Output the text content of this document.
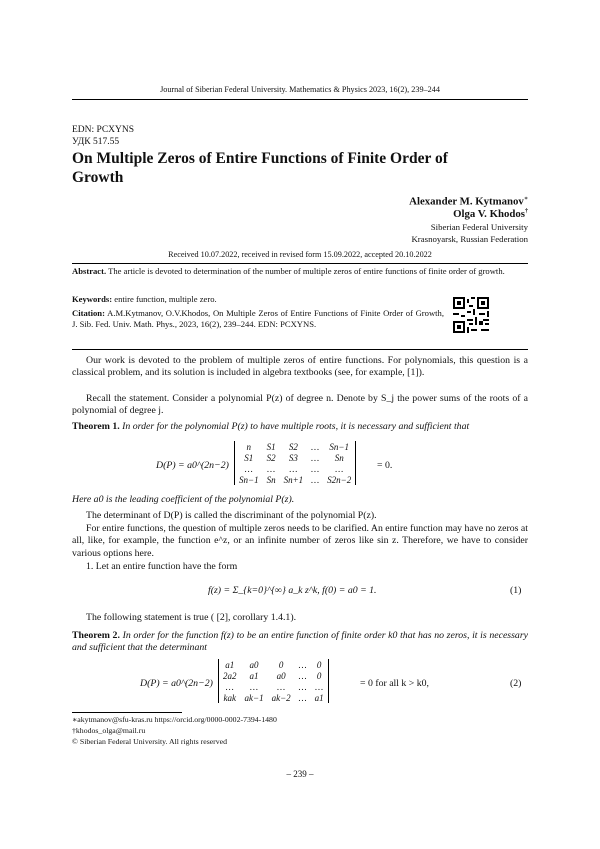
Journal of Siberian Federal University. Mathematics & Physics 2023, 16(2), 239–244
EDN: PCXYNS
УДК 517.55
On Multiple Zeros of Entire Functions of Finite Order of Growth
Alexander M. Kytmanov∗
Olga V. Khodos†
Siberian Federal University
Krasnoyarsk, Russian Federation
Received 10.07.2022, received in revised form 15.09.2022, accepted 20.10.2022
Abstract. The article is devoted to determination of the number of multiple zeros of entire functions of finite order of growth.
Keywords: entire function, multiple zero.
Citation: A.M.Kytmanov, O.V.Khodos, On Multiple Zeros of Entire Functions of Finite Order of Growth, J. Sib. Fed. Univ. Math. Phys., 2023, 16(2), 239–244. EDN: PCXYNS.
Our work is devoted to the problem of multiple zeros of entire functions. For polynomials, this question is a classical problem, and its solution is included in algebra textbooks (see, for example, [1]).
Recall the statement. Consider a polynomial P(z) of degree n. Denote by S_j the power sums of the roots of a polynomial of degree j.
Theorem 1. In order for the polynomial P(z) to have multiple roots, it is necessary and sufficient that
D(P) = a0^(2n−2)
n	S1	S2	…	Sn−1
S1	S2	S3	…	Sn
…	…	…	…	…
Sn−1	Sn	Sn+1	…	S2n−2
= 0.
Here a0 is the leading coefficient of the polynomial P(z).
The determinant of D(P) is called the discriminant of the polynomial P(z).
For entire functions, the question of multiple zeros needs to be clarified. An entire function may have no zeros at all, like, for example, the function e^z, or an infinite number of zeros like sin z. Therefore, we have to consider various options here.
1. Let an entire function have the form
f(z) = Σ_{k=0}^{∞} a_k z^k, f(0) = a0 = 1.	(1)
The following statement is true ( [2], corollary 1.4.1).
Theorem 2. In order for the function f(z) to be an entire function of finite order k0 that has no zeros, it is necessary and sufficient that the determinant
D(P) = a0^(2n−2)
a1	a0	0	…	0
2a2	a1	a0	…	0
…	…	…	…	…
kak	ak−1	ak−2	…	a1
= 0 for all k > k0,	(2)
∗akytmanov@sfu-kras.ru https://orcid.org/0000-0002-7394-1480
†khodos_olga@mail.ru
© Siberian Federal University. All rights reserved
– 239 –
